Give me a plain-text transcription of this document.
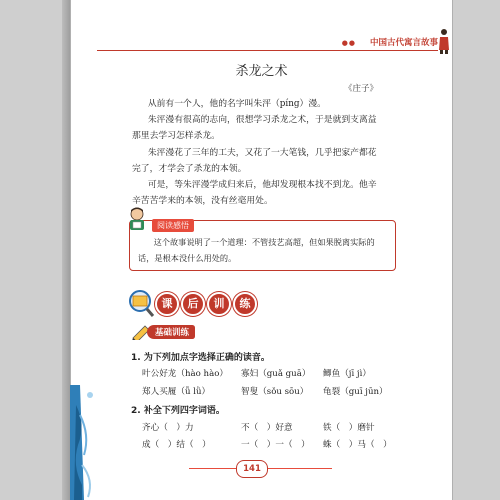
●● 中国古代寓言故事
杀龙之术
《庄子》

从前有一个人，他的名字叫朱泙（píng）漫。

朱泙漫有很高的志向，很想学习杀龙之术，于是就到支离益那里去学习怎样杀龙。

朱泙漫花了三年的工夫，又花了一大笔钱，几乎把家产都花完了，才学会了杀龙的本领。

可是，等朱泙漫学成归来后，他却发现根本找不到龙。他辛辛苦苦学来的本领，没有丝毫用处。

阅读感悟
这个故事说明了一个道理：不管技艺高超，但如果脱离实际的话，是根本没什么用处的。
课	后	训	练
基础训练
1. 为下列加点字选择正确的读音。
叶公好龙（hào hào） 寡妇（guǎ guā） 鲫鱼（jī jì）
郑人买履（ǚ lǜ）	智叟（sǒu sōu） 龟裂（guī jūn）
2. 补全下列四字词语。
齐心（　）力	不（　）好意	铁（　）磨针
成（　）结（　）	一（　）一（　） 蛛（　）马（　）
141
